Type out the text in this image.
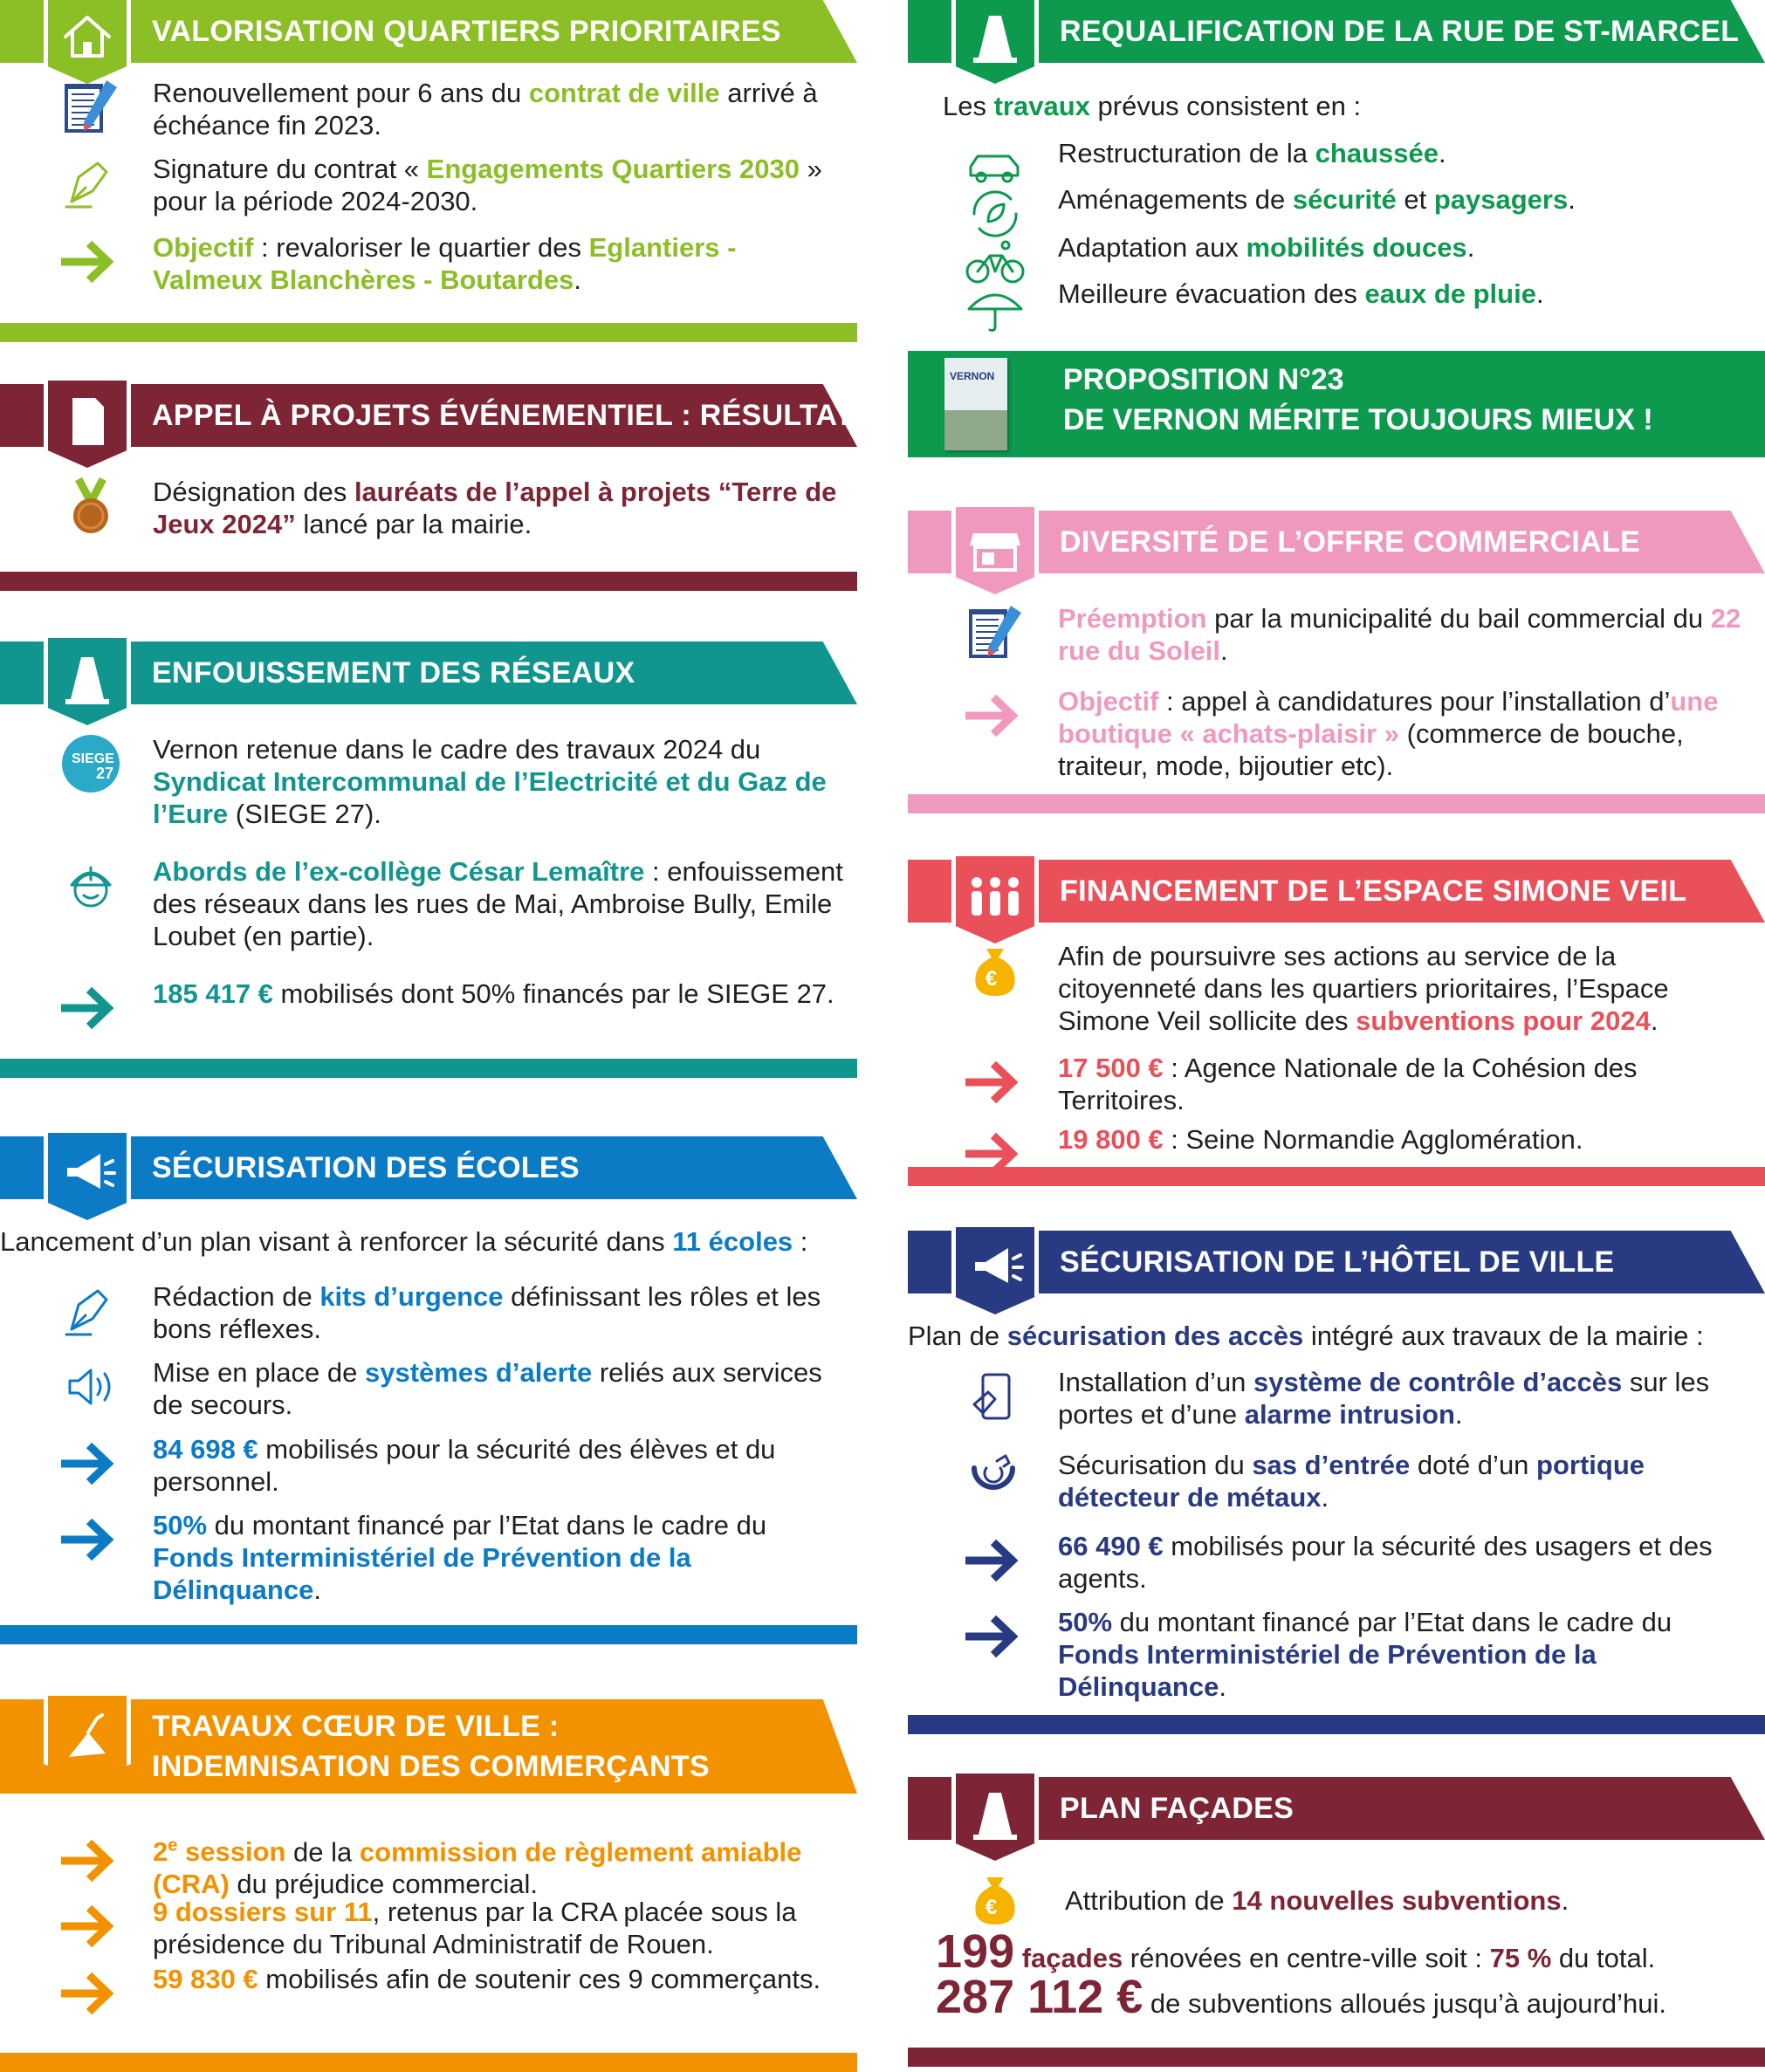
VALORISATION QUARTIERS PRIORITAIRES
Renouvellement pour 6 ans du contrat de ville arrivé à échéance fin 2023.
Signature du contrat « Engagements Quartiers 2030 » pour la période 2024-2030.
Objectif : revaloriser le quartier des Eglantiers - Valmeux Blanchères - Boutardes.
APPEL À PROJETS ÉVÉNEMENTIEL : RÉSULTATS
Désignation des lauréats de l’appel à projets “Terre de Jeux 2024” lancé par la mairie.
ENFOUISSEMENT DES RÉSEAUX
SIEGE
27
Vernon retenue dans le cadre des travaux 2024 du Syndicat Intercommunal de l’Electricité et du Gaz de l’Eure (SIEGE 27).
Abords de l’ex-collège César Lemaître : enfouissement des réseaux dans les rues de Mai, Ambroise Bully, Emile Loubet (en partie).
185 417 € mobilisés dont 50% financés par le SIEGE 27.
SÉCURISATION DES ÉCOLES
Lancement d’un plan visant à renforcer la sécurité dans 11 écoles :
Rédaction de kits d’urgence définissant les rôles et les bons réflexes.
Mise en place de systèmes d’alerte reliés aux services de secours.
84 698 € mobilisés pour la sécurité des élèves et du personnel.
50% du montant financé par l’Etat dans le cadre du Fonds Interministériel de Prévention de la Délinquance.
TRAVAUX CŒUR DE VILLE :
INDEMNISATION DES COMMERÇANTS
2e session de la commission de règlement amiable (CRA) du préjudice commercial.
9 dossiers sur 11, retenus par la CRA placée sous la présidence du Tribunal Administratif de Rouen.
59 830 € mobilisés afin de soutenir ces 9 commerçants.
REQUALIFICATION DE LA RUE DE ST-MARCEL
Les travaux prévus consistent en :
Restructuration de la chaussée.
Aménagements de sécurité et paysagers.
Adaptation aux mobilités douces.
Meilleure évacuation des eaux de pluie.
VERNON	PROPOSITION N°23
DE VERNON MÉRITE TOUJOURS MIEUX !
DIVERSITÉ DE L’OFFRE COMMERCIALE
Préemption par la municipalité du bail commercial du 22 rue du Soleil.
Objectif : appel à candidatures pour l’installation d’une boutique « achats-plaisir » (commerce de bouche, traiteur, mode, bijoutier etc).
FINANCEMENT DE L’ESPACE SIMONE VEIL
€
Afin de poursuivre ses actions au service de la citoyenneté dans les quartiers prioritaires, l’Espace Simone Veil sollicite des subventions pour 2024.
17 500 € : Agence Nationale de la Cohésion des Territoires.
19 800 € : Seine Normandie Agglomération.
SÉCURISATION DE L’HÔTEL DE VILLE
Plan de sécurisation des accès intégré aux travaux de la mairie :
Installation d’un système de contrôle d’accès sur les portes et d’une alarme intrusion.
Sécurisation du sas d’entrée doté d’un portique détecteur de métaux.
66 490 € mobilisés pour la sécurité des usagers et des agents.
50% du montant financé par l’Etat dans le cadre du Fonds Interministériel de Prévention de la Délinquance.
PLAN FAÇADES
€	Attribution de 14 nouvelles subventions.
199 façades rénovées en centre-ville soit : 75 % du total.
287 112 € de subventions alloués jusqu’à aujourd’hui.
